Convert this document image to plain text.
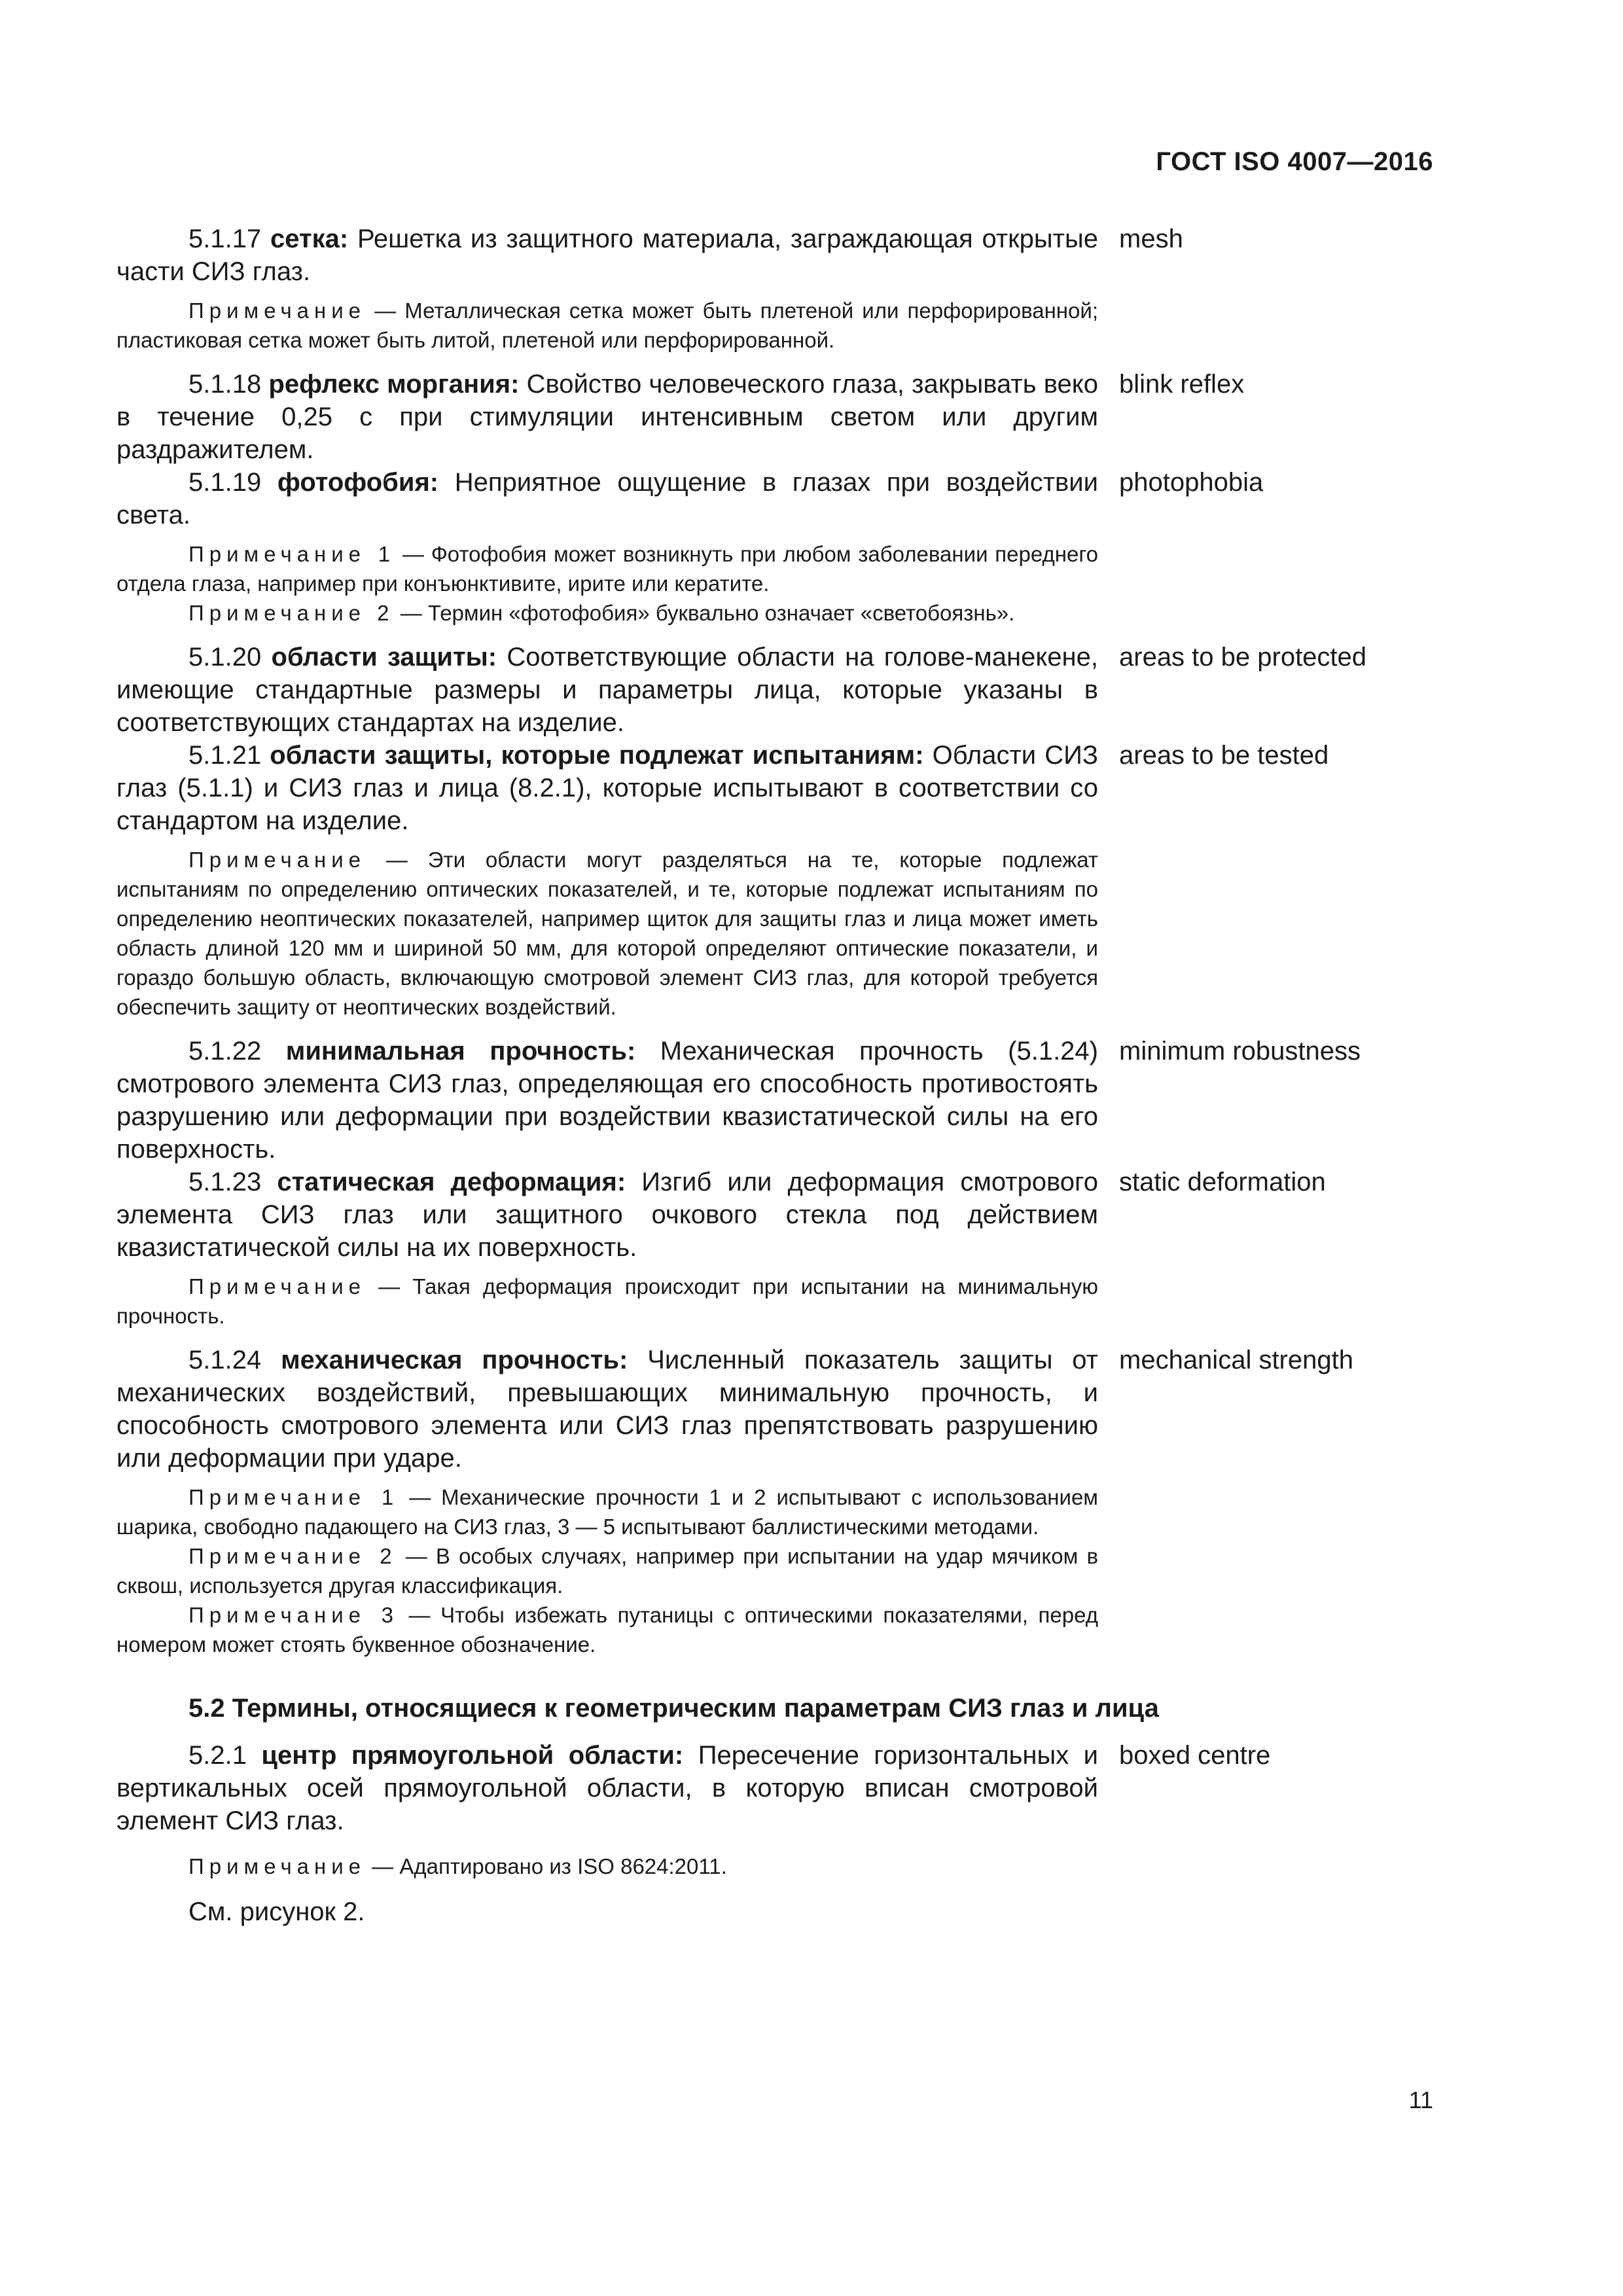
ГОСТ ISO 4007—2016
5.1.17 сетка: Решетка из защитного материала, заграждающая открытые части СИЗ глаз.
mesh
Примечание — Металлическая сетка может быть плетеной или перфорированной; пластиковая сетка может быть литой, плетеной или перфорированной.
5.1.18 рефлекс моргания: Свойство человеческого глаза, закрывать веко в течение 0,25 с при стимуляции интенсивным светом или другим раздражителем.
blink reflex
5.1.19 фотофобия: Неприятное ощущение в глазах при воздействии света.
photophobia
Примечание 1 — Фотофобия может возникнуть при любом заболевании переднего отдела глаза, например при конъюнктивите, ирите или кератите.
Примечание 2 — Термин «фотофобия» буквально означает «светобоязнь».
5.1.20 области защиты: Соответствующие области на голове-манекене, имеющие стандартные размеры и параметры лица, которые указаны в соответствующих стандартах на изделие.
areas to be protected
5.1.21 области защиты, которые подлежат испытаниям: Области СИЗ глаз (5.1.1) и СИЗ глаз и лица (8.2.1), которые испытывают в соответствии со стандартом на изделие.
areas to be tested
Примечание — Эти области могут разделяться на те, которые подлежат испытаниям по определению оптических показателей, и те, которые подлежат испытаниям по определению неоптических показателей, например щиток для защиты глаз и лица может иметь область длиной 120 мм и шириной 50 мм, для которой определяют оптические показатели, и гораздо большую область, включающую смотровой элемент СИЗ глаз, для которой требуется обеспечить защиту от неоптических воздействий.
5.1.22 минимальная прочность: Механическая прочность (5.1.24) смотрового элемента СИЗ глаз, определяющая его способность противостоять разрушению или деформации при воздействии квазистатической силы на его поверхность.
minimum robustness
5.1.23 статическая деформация: Изгиб или деформация смотрового элемента СИЗ глаз или защитного очкового стекла под действием квазистатической силы на их поверхность.
static deformation
Примечание — Такая деформация происходит при испытании на минимальную прочность.
5.1.24 механическая прочность: Численный показатель защиты от механических воздействий, превышающих минимальную прочность, и способность смотрового элемента или СИЗ глаз препятствовать разрушению или деформации при ударе.
mechanical strength
Примечание 1 — Механические прочности 1 и 2 испытывают с использованием шарика, свободно падающего на СИЗ глаз, 3 — 5 испытывают баллистическими методами.
Примечание 2 — В особых случаях, например при испытании на удар мячиком в сквош, используется другая классификация.
Примечание 3 — Чтобы избежать путаницы с оптическими показателями, перед номером может стоять буквенное обозначение.
5.2 Термины, относящиеся к геометрическим параметрам СИЗ глаз и лица
5.2.1 центр прямоугольной области: Пересечение горизонтальных и вертикальных осей прямоугольной области, в которую вписан смотровой элемент СИЗ глаз.
boxed centre
Примечание — Адаптировано из ISO 8624:2011.
См. рисунок 2.
11
